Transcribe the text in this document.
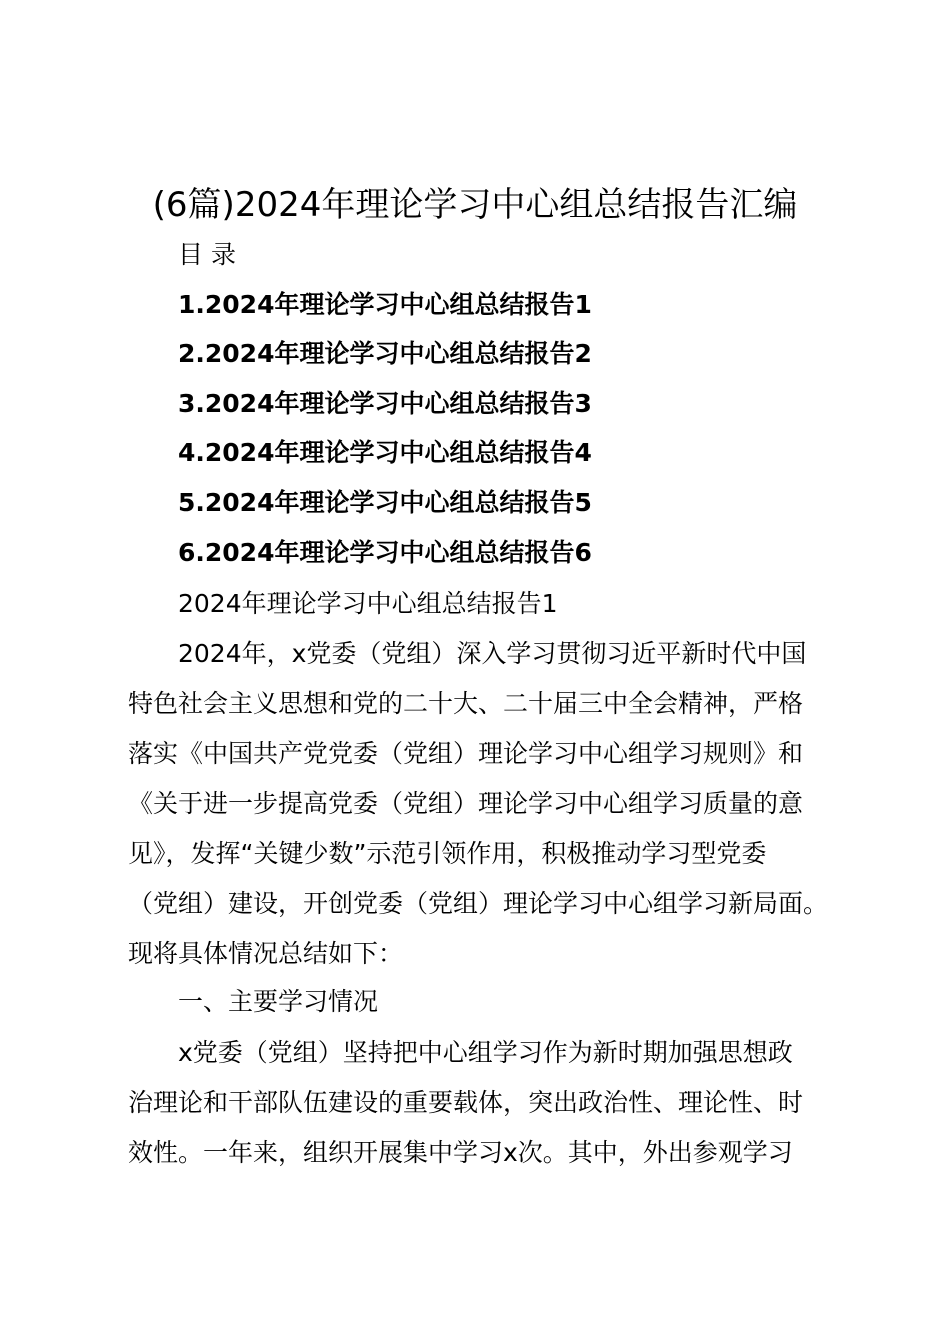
(6篇)2024年理论学习中心组总结报告汇编

目 录

1.2024年理论学习中心组总结报告1

2.2024年理论学习中心组总结报告2

3.2024年理论学习中心组总结报告3

4.2024年理论学习中心组总结报告4

5.2024年理论学习中心组总结报告5

6.2024年理论学习中心组总结报告6

2024年理论学习中心组总结报告1

2024年，x党委（党组）深入学习贯彻习近平新时代中国
特色社会主义思想和党的二十大、二十届三中全会精神，严格
落实《中国共产党党委（党组）理论学习中心组学习规则》和
《关于进一步提高党委（党组）理论学习中心组学习质量的意
见》，发挥“关键少数”示范引领作用，积极推动学习型党委
（党组）建设，开创党委（党组）理论学习中心组学习新局面。
现将具体情况总结如下：

一、主要学习情况

x党委（党组）坚持把中心组学习作为新时期加强思想政
治理论和干部队伍建设的重要载体，突出政治性、理论性、时
效性。一年来，组织开展集中学习x次。其中，外出参观学习
